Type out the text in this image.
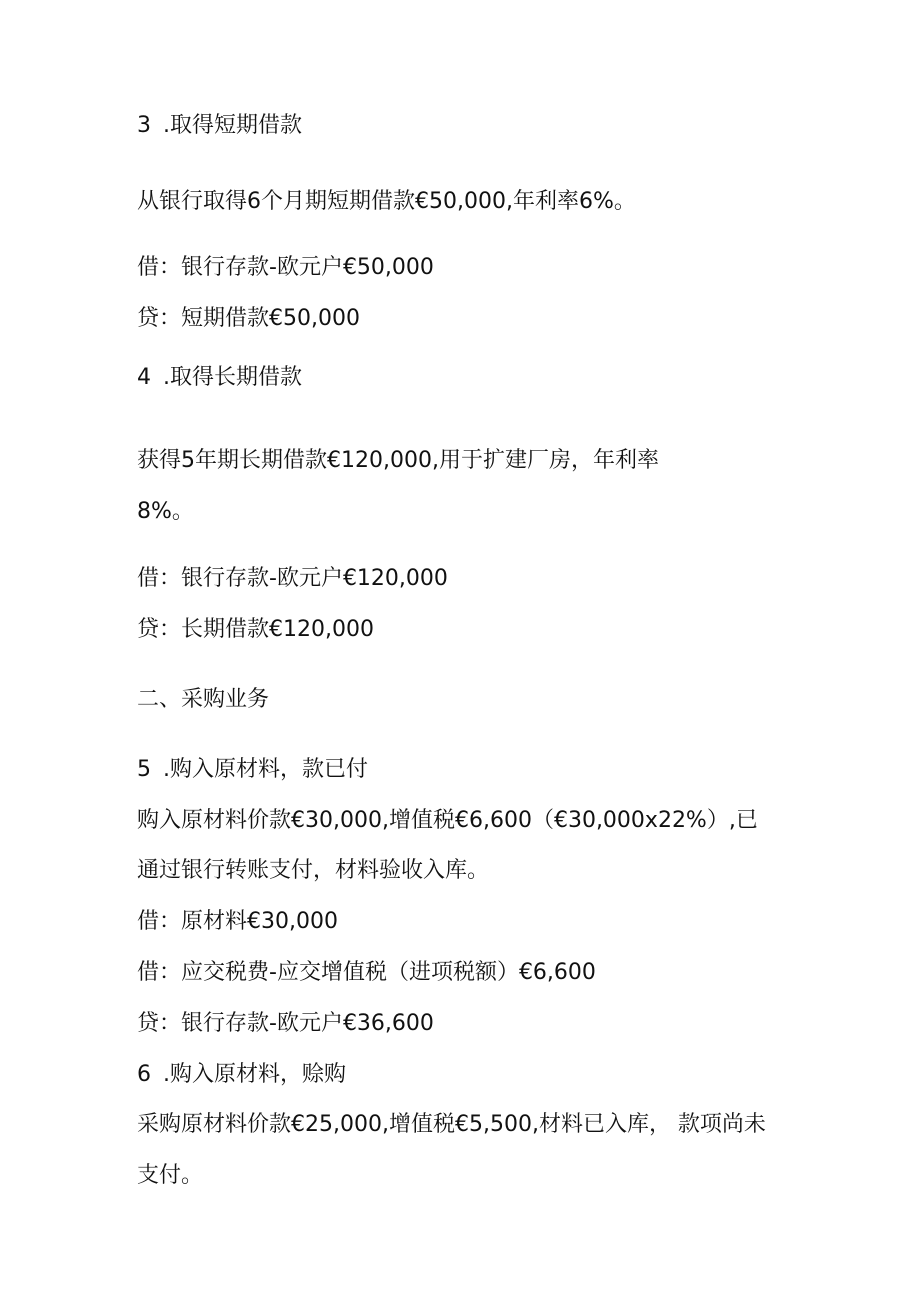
3 .取得短期借款

从银行取得6个月期短期借款€50,000,年利率6%。

借：银行存款-欧元户€50,000

贷：短期借款€50,000

4 .取得长期借款

获得5年期长期借款€120,000,用于扩建厂房，年利率

8%。

借：银行存款-欧元户€120,000

贷：长期借款€120,000

二、采购业务
5 .购入原材料，款已付

购入原材料价款€30,000,增值税€6,600（€30,000x22%）,已

通过银行转账支付，材料验收入库。

借：原材料€30,000

借：应交税费-应交增值税（进项税额）€6,600

贷：银行存款-欧元户€36,600

6 .购入原材料，赊购

采购原材料价款€25,000,增值税€5,500,材料已入库， 款项尚未

支付。
